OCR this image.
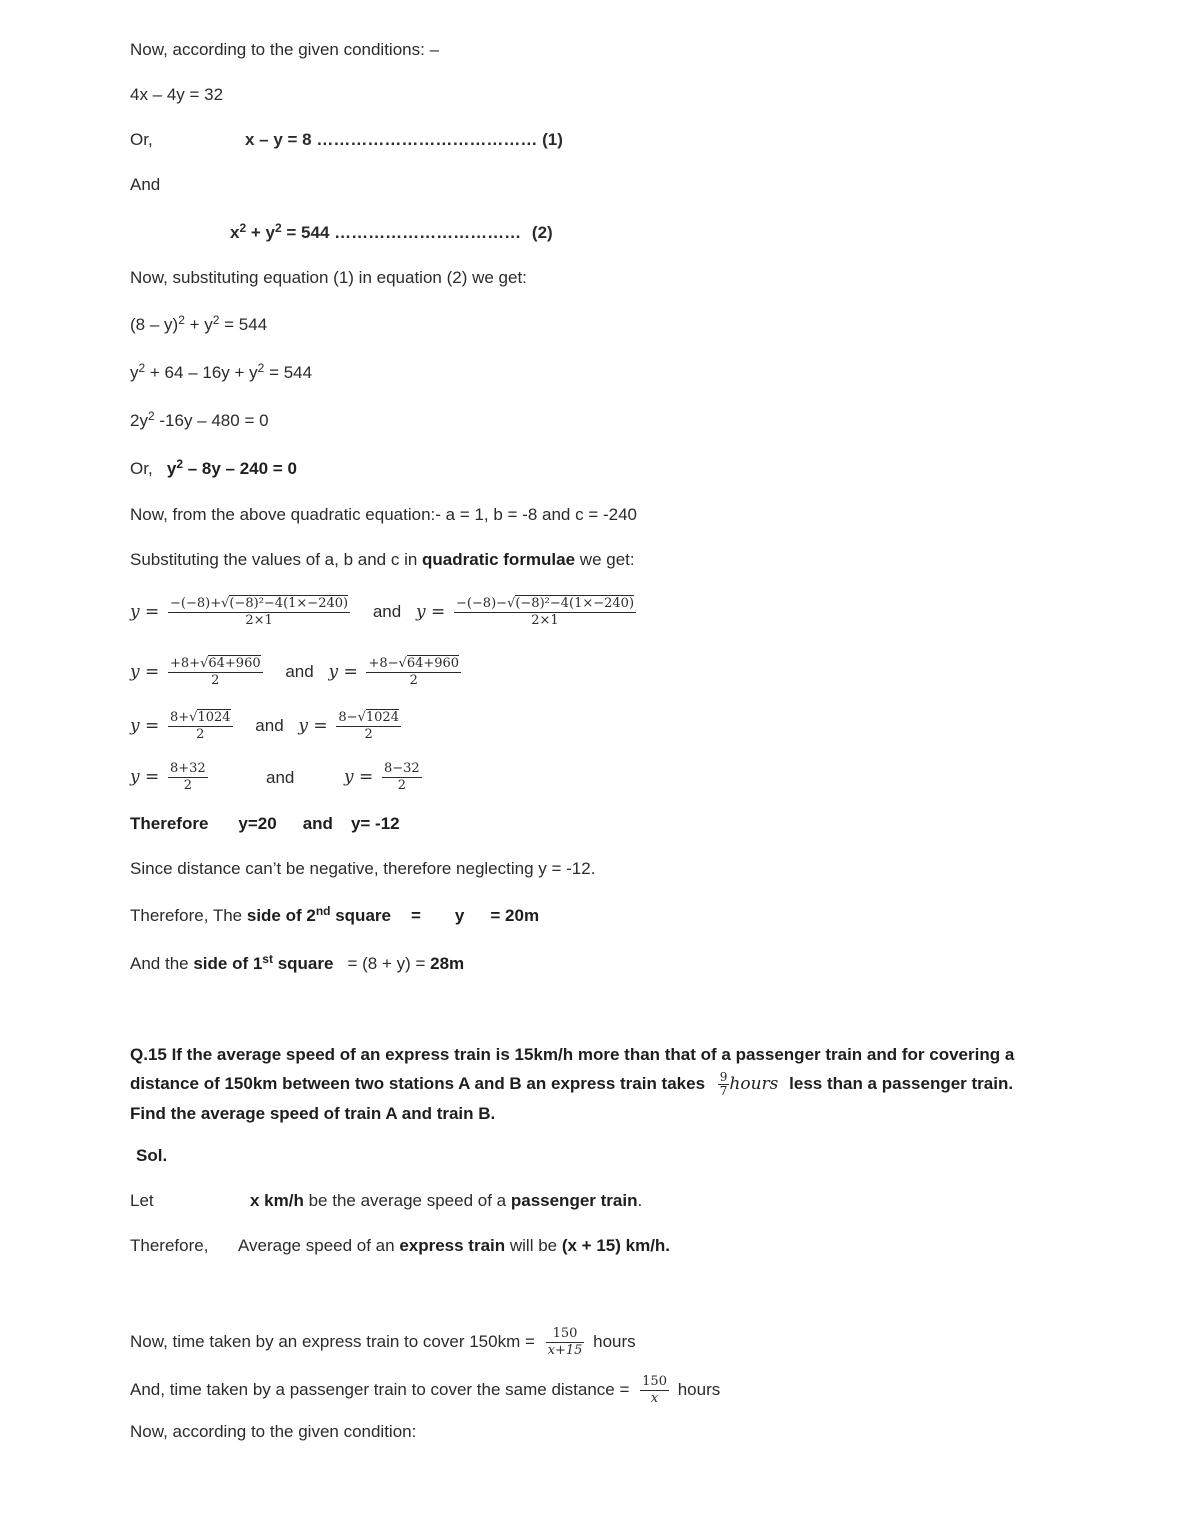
Now, according to the given conditions: –
4x – 4y = 32
Or,	x – y = 8 ………………………………… (1)
And
$x^2 + y^2 = 544$ …………………………… (2)
Now, substituting equation (1) in equation (2) we get:
$(8 - y)^2 + y^2 = 544$
$y^2 + 64 - 16y + y^2 = 544$
$2y^2$ -16y – 480 = 0
Or, $y^2 - 8y - 240 = 0$
Now, from the above quadratic equation:- a = 1, b = -8 and c = -240
Substituting the values of a, b and c in quadratic formulae we get:
$y = \frac{\text{−(−8)+√(−8)²−4(1×−240)}}{2\times 1}$ and $y = \frac{\text{−(−8)−√(−8)²−4(1×−240)}}{2\times 1}$
$y = \frac{+8+√64+960}{2}$ and $y = \frac{+8-√64+960}{2}$
$y = \frac{8+√1024}{2}$ and $y = \frac{8-√1024}{2}$
$y = \frac{8+32}{2}$	and	$y = \frac{8-32}{2}$
Therefore y=20 and y= -12
Since distance can’t be negative, therefore neglecting y = -12.
Therefore, The side of 2nd square = y = 20m
And the side of 1st square = (8 + y) = 28m
Q.15 If the average speed of an express train is 15km/h more than that of a passenger train and for covering a
distance of 150km between two stations A and B an express train takes $\frac{9}{7}$ hours less than a passenger train.
Find the average speed of train A and train B.
Sol.
Let	x km/h be the average speed of a passenger train.
Therefore, Average speed of an express train will be (x + 15) km/h.
Now, time taken by an express train to cover $150km = \frac{150}{x+15}$ hours
And, time taken by a passenger train to cover the same distance = $\frac{150}{x}$ hours
Now, according to the given condition:
